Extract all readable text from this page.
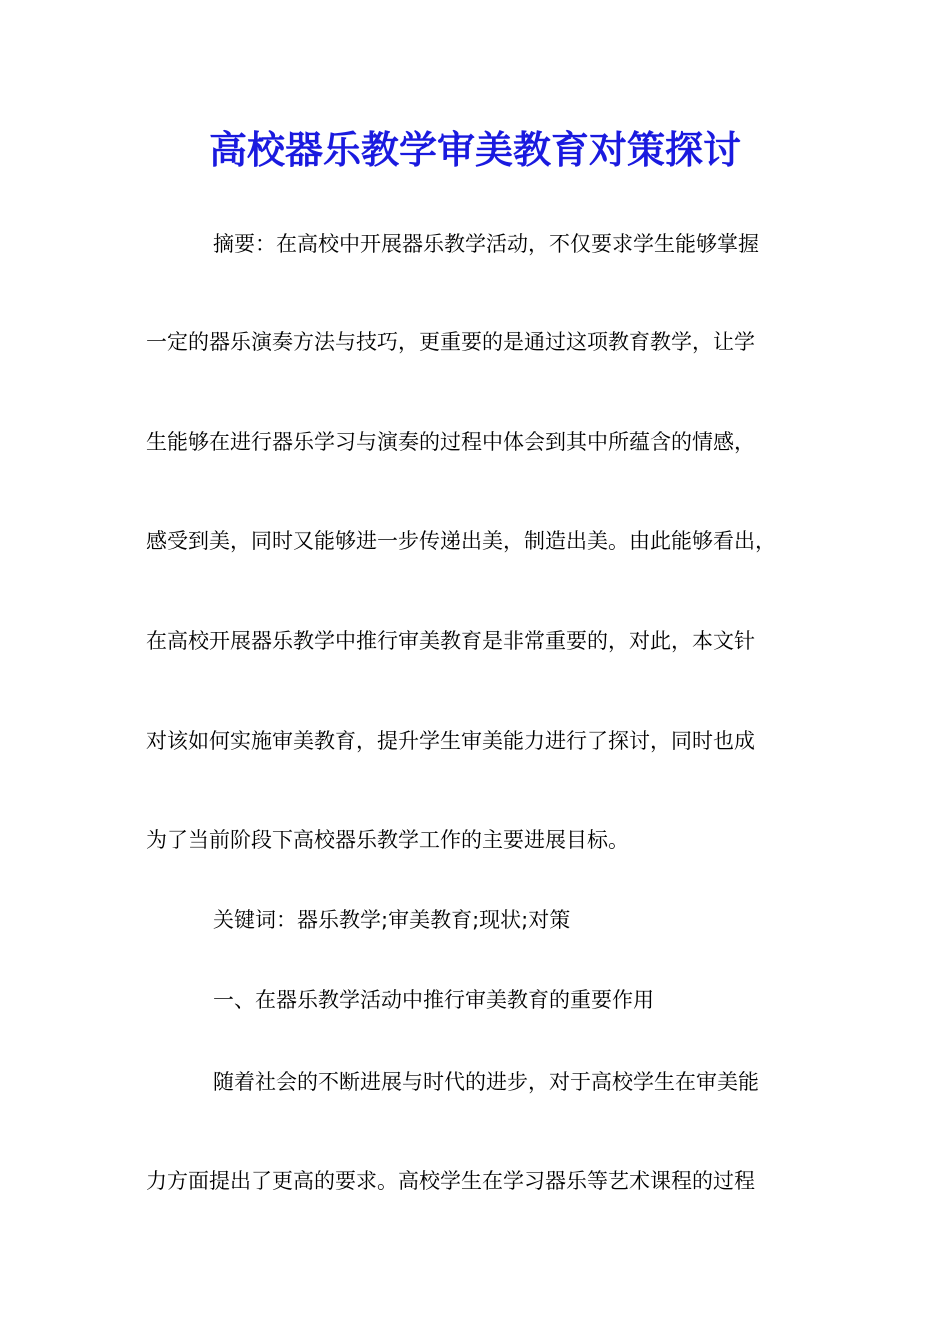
高校器乐教学审美教育对策探讨
摘要：在高校中开展器乐教学活动，不仅要求学生能够掌握
一定的器乐演奏方法与技巧，更重要的是通过这项教育教学，让学
生能够在进行器乐学习与演奏的过程中体会到其中所蕴含的情感，
感受到美，同时又能够进一步传递出美，制造出美。由此能够看出，
在高校开展器乐教学中推行审美教育是非常重要的，对此，本文针
对该如何实施审美教育，提升学生审美能力进行了探讨，同时也成
为了当前阶段下高校器乐教学工作的主要进展目标。
关键词：器乐教学;审美教育;现状;对策
一、在器乐教学活动中推行审美教育的重要作用
随着社会的不断进展与时代的进步，对于高校学生在审美能
力方面提出了更高的要求。高校学生在学习器乐等艺术课程的过程
